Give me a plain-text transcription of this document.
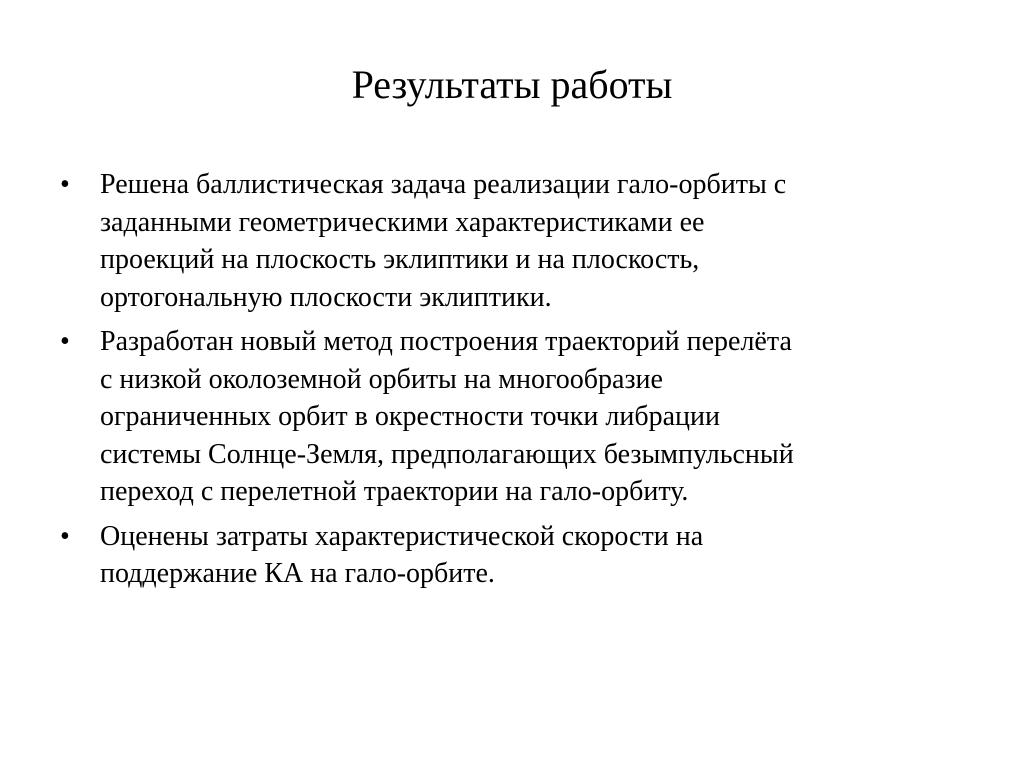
Результаты работы
•	Решена баллистическая задача реализации гало-орбиты с
заданными геометрическими характеристиками ее
проекций на плоскость эклиптики и на плоскость,
ортогональную плоскости эклиптики.
•	Разработан новый метод построения траекторий перелёта
с низкой околоземной орбиты на многообразие
ограниченных орбит в окрестности точки либрации
системы Солнце-Земля, предполагающих безымпульсный
переход с перелетной траектории на гало-орбиту.
•	Оценены затраты характеристической скорости на
поддержание КА на гало-орбите.
